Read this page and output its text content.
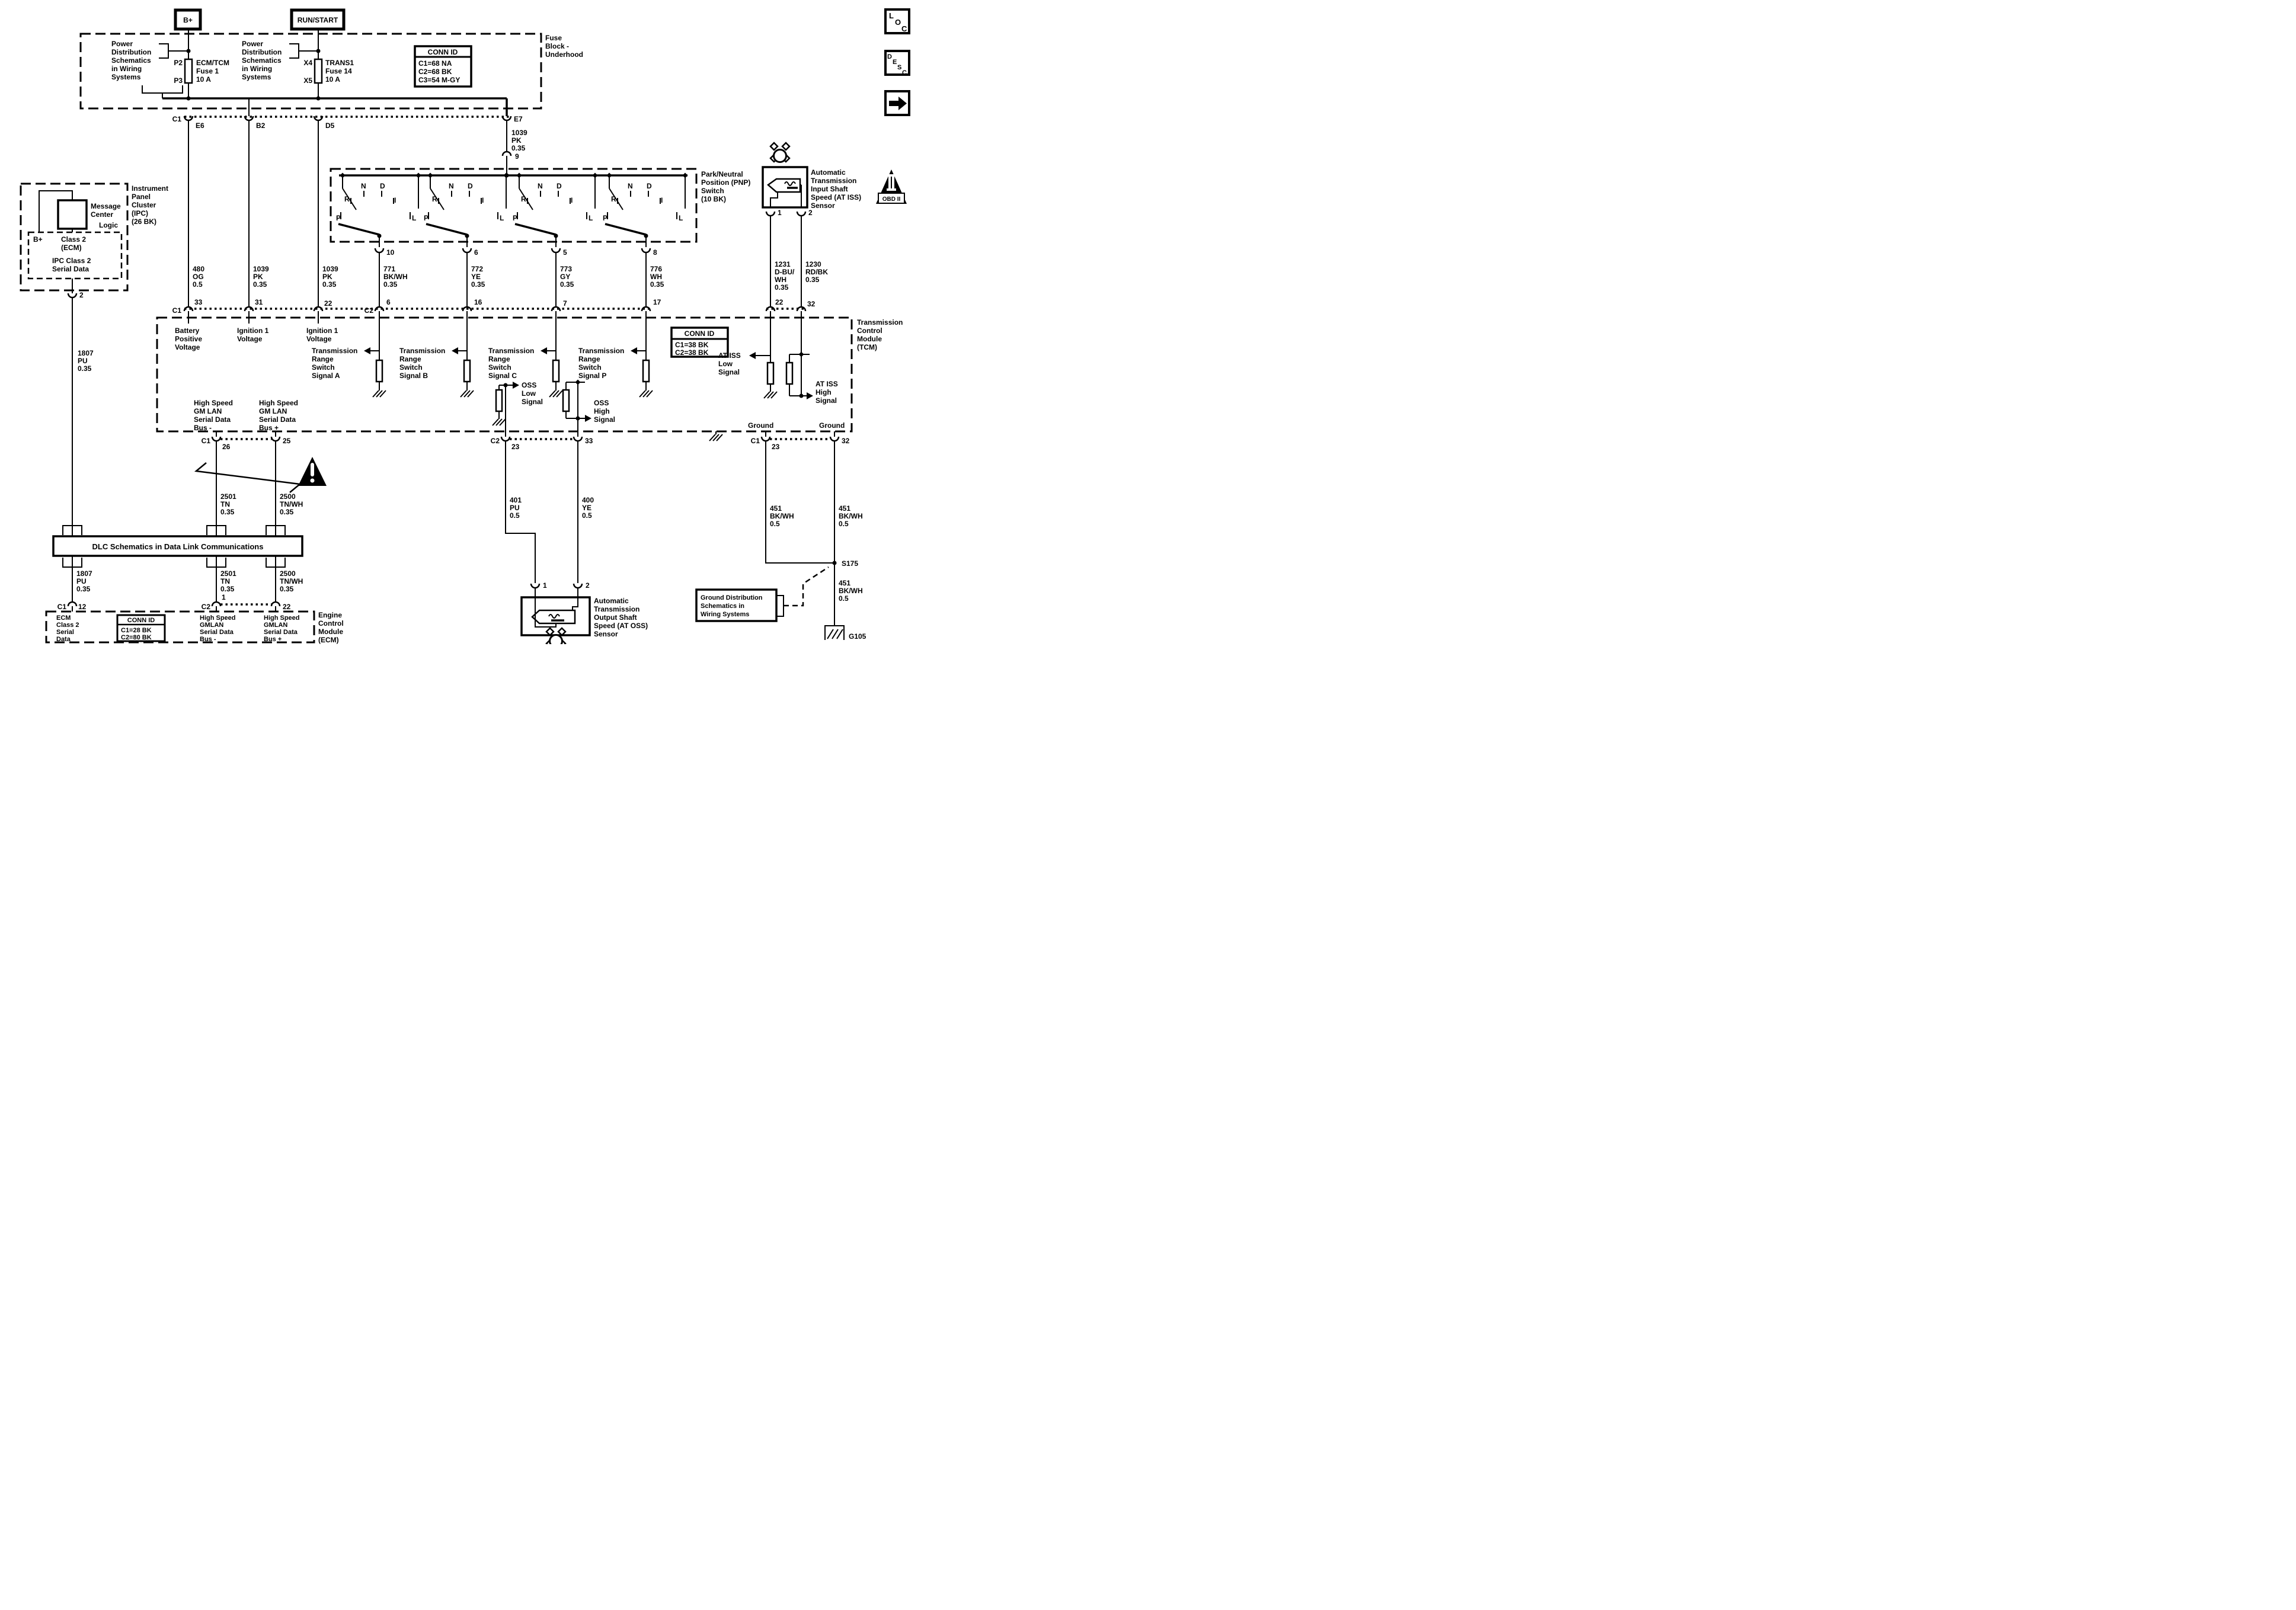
P
R
N	D
L
O
C
D
E
S
C
B+	RUN/START
Power
Distribution
Schematics
in Wiring
Systems
Power
Distribution
Schematics
in Wiring
Systems
P2
P3
ECM/TCM
Fuse 1
10 A
X4
X5
TRANS1
Fuse 14
10 A
CONN ID
C1=68 NA
C2=68 BK
C3=54 M-GY
Fuse
Block -
Underhood
C1
E6	B2	D5
E7
480
OG
0.5
1039
PK
0.35
1039
PK
0.35
1039
PK
0.35
9
10	6	5	8
Park/Neutral
Position (PNP)
Switch
(10 BK)
771
BK/WH
0.35
772
YE
0.35
773
GY
0.35
776
WH
0.35
1	2
Automatic
Transmission
Input Shaft
Speed (AT ISS)
Sensor
OBD II
1231
D-BU/
WH
0.35
1230
RD/BK
0.35
Instrument
Panel
Cluster
(IPC)
(26 BK)
Message
Center
Logic
B+	Class 2
(ECM)
IPC Class 2
Serial Data
2
1807
PU
0.35
1807
PU
0.35
Transmission
Control
Module
(TCM)
C1
33	31	22
C2
6	16	7	17	22	32
Battery
Positive
Voltage
Ignition 1
Voltage
Ignition 1
Voltage
Transmission
Range
Switch
Signal A
Transmission
Range
Switch
Signal B
Transmission
Range
Switch
Signal C
Transmission
Range
Switch
Signal P
CONN ID
C1=38 BK
C2=38 BK
OSS
Low
Signal	OSS
High
Signal
AT ISS
Low
Signal
AT ISS
High
Signal
High Speed
GM LAN
Serial Data
Bus -
High Speed
GM LAN
Serial Data
Bus +	Ground	Ground
C1
26
25	C2
23
33	C1
23
32
2501
TN
0.35
2500
TN/WH
0.35
2501
TN
0.35
2500
TN/WH
0.35
DLC Schematics in Data Link Communications
C1 12	C2
1
22
ECM
Class 2
Serial
Data
CONN ID
C1=28 BK
C2=80 BK
High Speed
GMLAN
Serial Data
Bus -
High Speed
GMLAN
Serial Data
Bus +
Engine
Control
Module
(ECM)
401
PU
0.5
400
YE
0.5
1	2
Automatic
Transmission
Output Shaft
Speed (AT OSS)
Sensor
451
BK/WH
0.5
451
BK/WH
0.5
S175
451
BK/WH
0.5
G105
Ground Distribution
Schematics in
Wiring Systems
